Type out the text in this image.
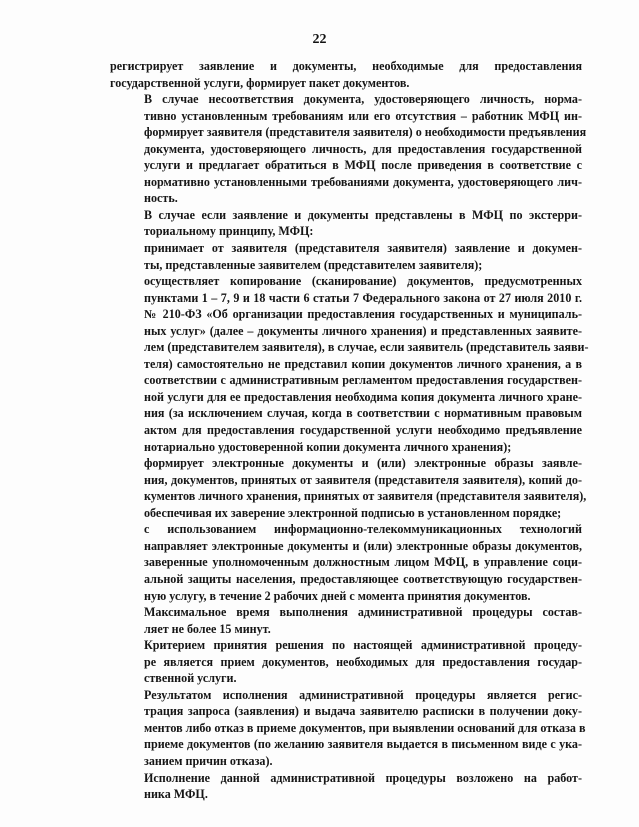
22
регистрирует заявление и документы, необходимые для предоставления
государственной услуги, формирует пакет документов.
В случае несоответствия документа, удостоверяющего личность, норма-
тивно установленным требованиям или его отсутствия – работник МФЦ ин-
формирует заявителя (представителя заявителя) о необходимости предъявления
документа, удостоверяющего личность, для предоставления государственной
услуги и предлагает обратиться в МФЦ после приведения в соответствие с
нормативно установленными требованиями документа, удостоверяющего лич-
ность.
В случае если заявление и документы представлены в МФЦ по экстерри-
ториальному принципу, МФЦ:
принимает от заявителя (представителя заявителя) заявление и докумен-
ты, представленные заявителем (представителем заявителя);
осуществляет копирование (сканирование) документов, предусмотренных
пунктами 1 – 7, 9 и 18 части 6 статьи 7 Федерального закона от 27 июля 2010 г.
№ 210-ФЗ «Об организации предоставления государственных и муниципаль-
ных услуг» (далее – документы личного хранения) и представленных заявите-
лем (представителем заявителя), в случае, если заявитель (представитель заяви-
теля) самостоятельно не представил копии документов личного хранения, а в
соответствии с административным регламентом предоставления государствен-
ной услуги для ее предоставления необходима копия документа личного хране-
ния (за исключением случая, когда в соответствии с нормативным правовым
актом для предоставления государственной услуги необходимо предъявление
нотариально удостоверенной копии документа личного хранения);
формирует электронные документы и (или) электронные образы заявле-
ния, документов, принятых от заявителя (представителя заявителя), копий до-
кументов личного хранения, принятых от заявителя (представителя заявителя),
обеспечивая их заверение электронной подписью в установленном порядке;
с использованием информационно-телекоммуникационных технологий
направляет электронные документы и (или) электронные образы документов,
заверенные уполномоченным должностным лицом МФЦ, в управление соци-
альной защиты населения, предоставляющее соответствующую государствен-
ную услугу, в течение 2 рабочих дней с момента принятия документов.
Максимальное время выполнения административной процедуры состав-
ляет не более 15 минут.
Критерием принятия решения по настоящей административной процеду-
ре является прием документов, необходимых для предоставления государ-
ственной услуги.
Результатом исполнения административной процедуры является регис-
трация запроса (заявления) и выдача заявителю расписки в получении доку-
ментов либо отказ в приеме документов, при выявлении оснований для отказа в
приеме документов (по желанию заявителя выдается в письменном виде с ука-
занием причин отказа).
Исполнение данной административной процедуры возложено на работ-
ника МФЦ.
